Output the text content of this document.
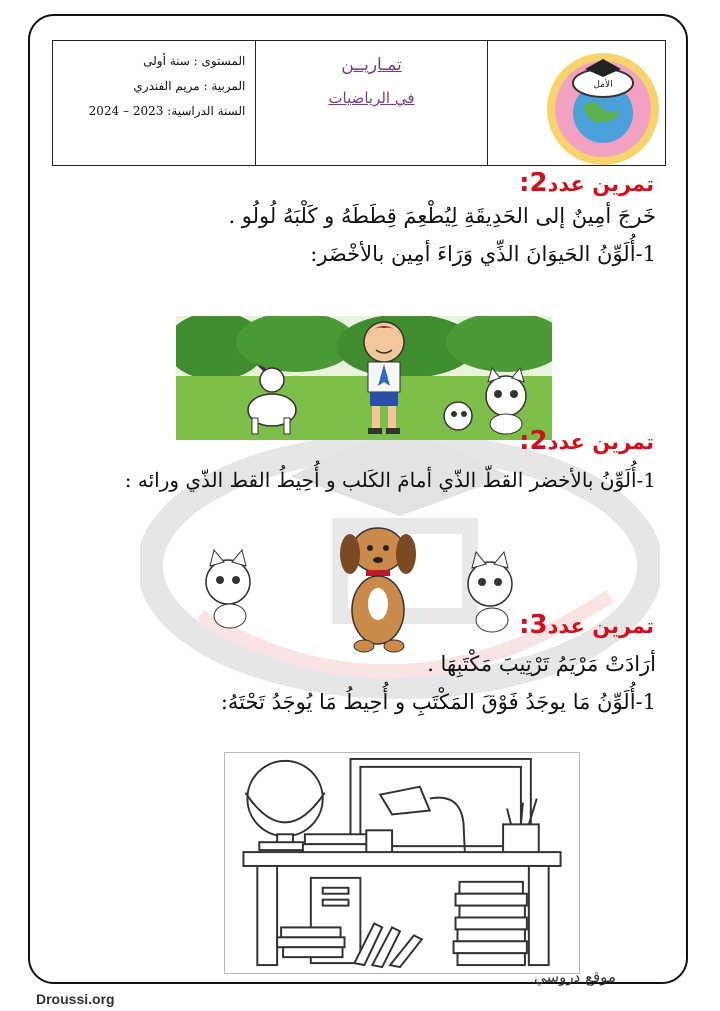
المستوى : سنة أولى
المربية : مريم الفندري
السنة الدراسية: 2023 – 2024
تمـاريــن
في الرياضيات
الأمل
تمرين عدد2:
خَرجَ أمِينٌ إلى الحَدِيقَةِ لِيُطْعِمَ قِطَطَهُ و كَلْبَهُ لُولُو .
1-أُلَوِّنُ الحَيوَانَ الذِّي وَرَاءَ أمِين بالأخْضَر:
تمرين عدد2:
1-أُلَوِّنُ بالأخضر القطّ الذّي أمامَ الكَلب و أُحِيطُ القط الذّي ورائه :
تمرين عدد3:
أرَادَتْ مَرْيَمُ تَرْتِيبَ مَكْتَبِهَا .
1-أُلَوِّنُ مَا يوجَدُ فَوْقَ المَكْتَبِ و أُحِيطُ مَا يُوجَدُ تَحْتَهُ:
موقع دروسي
Droussi.org
